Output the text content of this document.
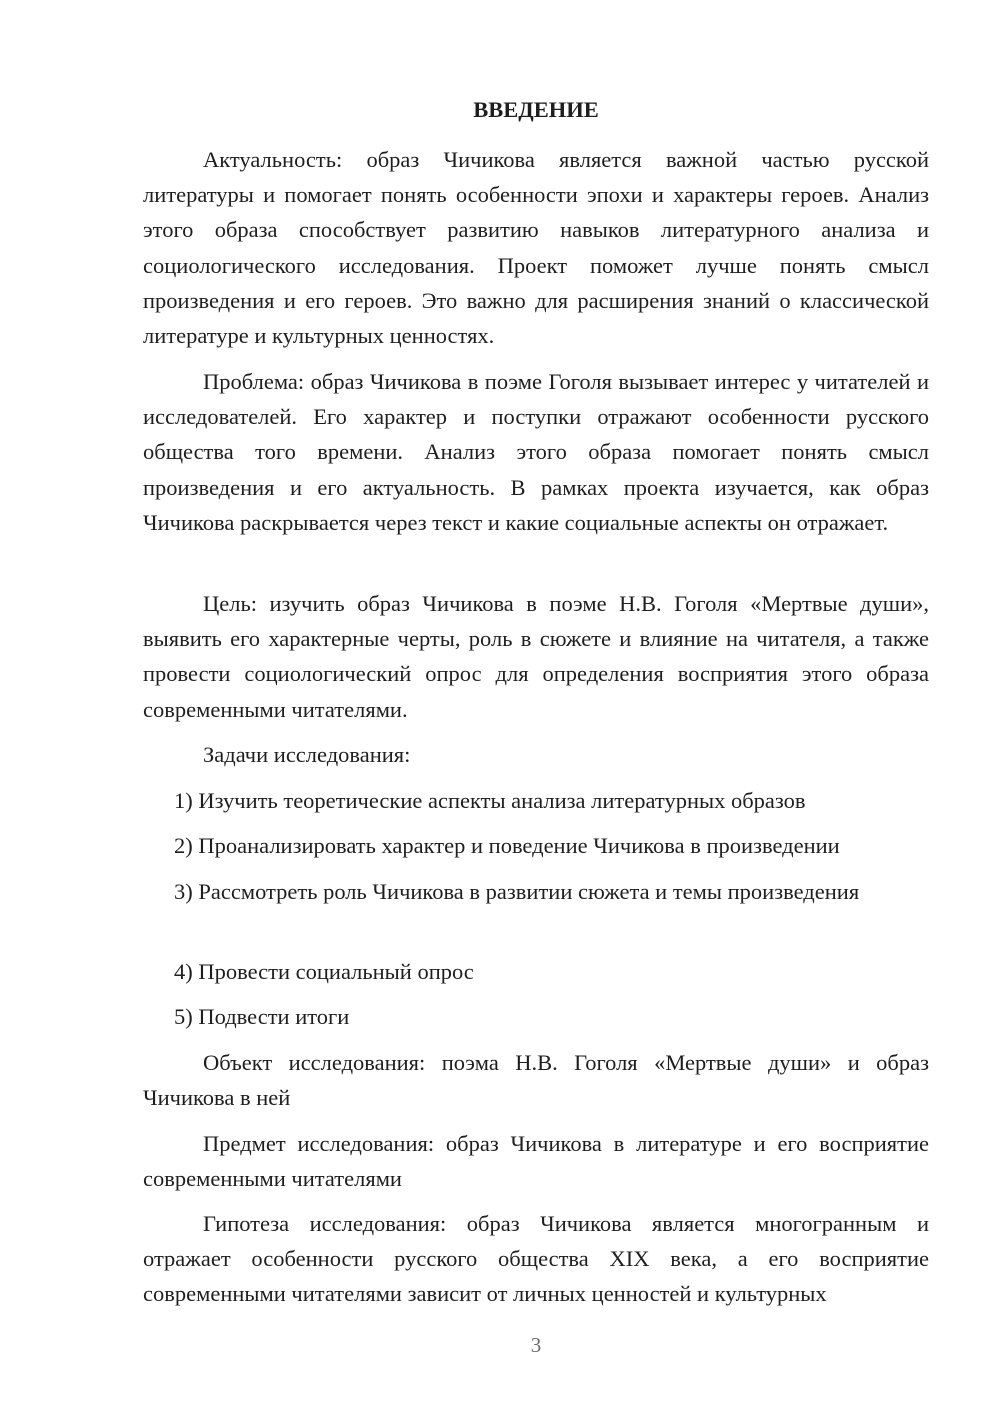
ВВЕДЕНИЕ

Актуальность: образ Чичикова является важной частью русской литературы и помогает понять особенности эпохи и характеры героев. Анализ этого образа способствует развитию навыков литературного анализа и социологического исследования. Проект поможет лучше понять смысл произведения и его героев. Это важно для расширения знаний о классической литературе и культурных ценностях.

Проблема: образ Чичикова в поэме Гоголя вызывает интерес у читателей и исследователей. Его характер и поступки отражают особенности русского общества того времени. Анализ этого образа помогает понять смысл произведения и его актуальность. В рамках проекта изучается, как образ Чичикова раскрывается через текст и какие социальные аспекты он отражает.

Цель: изучить образ Чичикова в поэме Н.В. Гоголя «Мертвые души», выявить его характерные черты, роль в сюжете и влияние на читателя, а также провести социологический опрос для определения восприятия этого образа современными читателями.

Задачи исследования:

1) Изучить теоретические аспекты анализа литературных образов

2) Проанализировать характер и поведение Чичикова в произведении

3) Рассмотреть роль Чичикова в развитии сюжета и темы произведения

4) Провести социальный опрос

5) Подвести итоги

Объект исследования: поэма Н.В. Гоголя «Мертвые души» и образ Чичикова в ней

Предмет исследования: образ Чичикова в литературе и его восприятие современными читателями

Гипотеза исследования: образ Чичикова является многогранным и отражает особенности русского общества XIX века, а его восприятие современными читателями зависит от личных ценностей и культурных

3
